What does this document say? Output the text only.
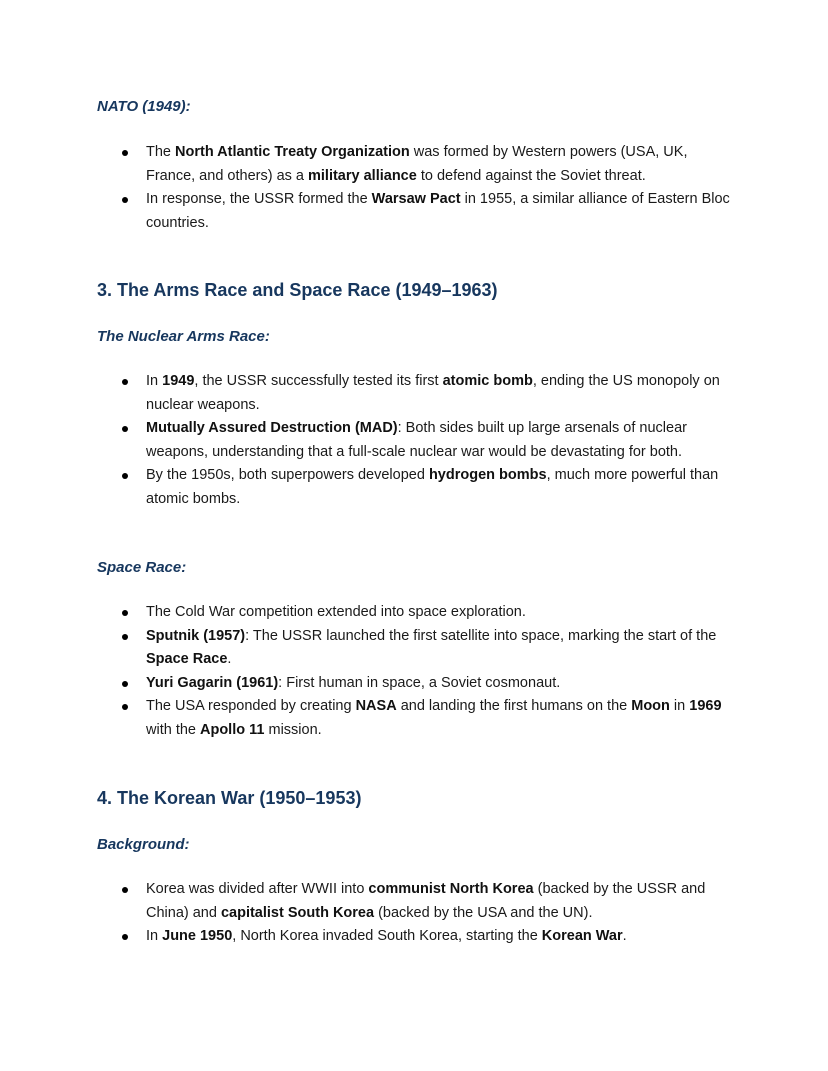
NATO (1949):
The North Atlantic Treaty Organization was formed by Western powers (USA, UK, France, and others) as a military alliance to defend against the Soviet threat.
In response, the USSR formed the Warsaw Pact in 1955, a similar alliance of Eastern Bloc countries.
3. The Arms Race and Space Race (1949–1963)
The Nuclear Arms Race:
In 1949, the USSR successfully tested its first atomic bomb, ending the US monopoly on nuclear weapons.
Mutually Assured Destruction (MAD): Both sides built up large arsenals of nuclear weapons, understanding that a full-scale nuclear war would be devastating for both.
By the 1950s, both superpowers developed hydrogen bombs, much more powerful than atomic bombs.
Space Race:
The Cold War competition extended into space exploration.
Sputnik (1957): The USSR launched the first satellite into space, marking the start of the Space Race.
Yuri Gagarin (1961): First human in space, a Soviet cosmonaut.
The USA responded by creating NASA and landing the first humans on the Moon in 1969 with the Apollo 11 mission.
4. The Korean War (1950–1953)
Background:
Korea was divided after WWII into communist North Korea (backed by the USSR and China) and capitalist South Korea (backed by the USA and the UN).
In June 1950, North Korea invaded South Korea, starting the Korean War.
